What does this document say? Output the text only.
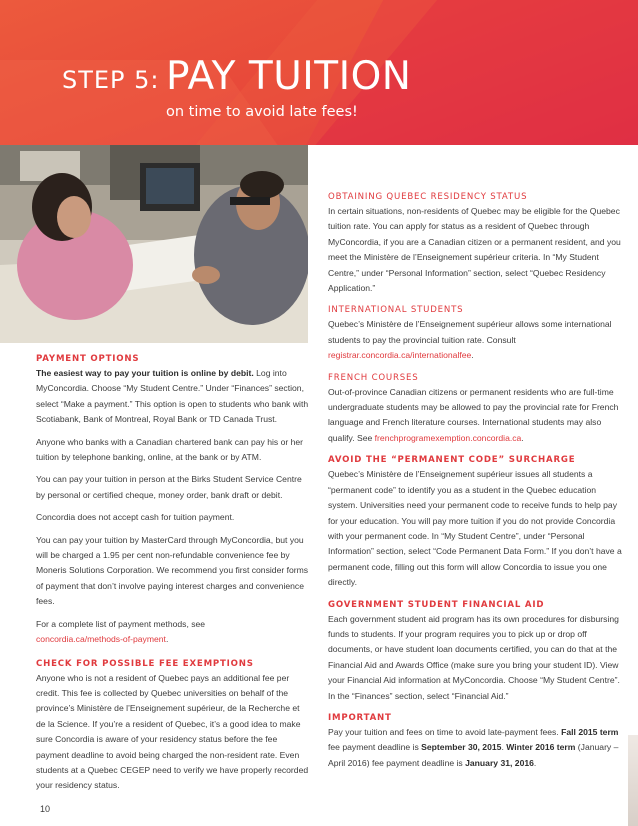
STEP 5: PAY TUITION
on time to avoid late fees!
PAYMENT OPTIONS

The easiest way to pay your tuition is online by debit. Log into MyConcordia. Choose “My Student Centre.” Under “Finances” section, select “Make a payment.” This option is open to students who bank with Scotiabank, Bank of Montreal, Royal Bank or TD Canada Trust.

Anyone who banks with a Canadian chartered bank can pay his or her tuition by telephone banking, online, at the bank or by ATM.

You can pay your tuition in person at the Birks Student Service Centre by personal or certified cheque, money order, bank draft or debit.

Concordia does not accept cash for tuition payment.

You can pay your tuition by MasterCard through MyConcordia, but you will be charged a 1.95 per cent non-refundable convenience fee by Moneris Solutions Corporation. We recommend you first consider forms of payment that don’t involve paying interest charges and convenience fees.

For a complete list of payment methods, see
concordia.ca/methods-of-payment.

CHECK FOR POSSIBLE FEE EXEMPTIONS

Anyone who is not a resident of Quebec pays an additional fee per credit. This fee is collected by Quebec universities on behalf of the province’s Ministère de l’Enseignement supérieur, de la Recherche et de la Science. If you’re a resident of Quebec, it’s a good idea to make sure Concordia is aware of your residency status before the fee payment deadline to avoid being charged the non-resident rate. Even students at a Quebec CEGEP need to verify we have properly recorded your residency status.

OBTAINING QUEBEC RESIDENCY STATUS

In certain situations, non-residents of Quebec may be eligible for the Quebec tuition rate. You can apply for status as a resident of Quebec through MyConcordia, if you are a Canadian citizen or a permanent resident, and you meet the Ministère de l’Enseignement supérieur criteria. In “My Student Centre,” under “Personal Information” section, select “Quebec Residency Application.”

INTERNATIONAL STUDENTS

Quebec’s Ministère de l’Enseignement supérieur allows some international students to pay the provincial tuition rate. Consult registrar.concordia.ca/internationalfee.

FRENCH COURSES

Out-of-province Canadian citizens or permanent residents who are full-time undergraduate students may be allowed to pay the provincial rate for French language and French literature courses. International students may also qualify. See frenchprogramexemption.concordia.ca.

AVOID THE “PERMANENT CODE” SURCHARGE

Quebec’s Ministère de l’Enseignement supérieur issues all students a “permanent code” to identify you as a student in the Quebec education system. Universities need your permanent code to receive funds to help pay for your education. You will pay more tuition if you do not provide Concordia with your permanent code. In “My Student Centre”, under “Personal Information” section, select “Code Permanent Data Form.” If you don’t have a permanent code, filling out this form will allow Concordia to issue you one directly.

GOVERNMENT STUDENT FINANCIAL AID

Each government student aid program has its own procedures for disbursing funds to students. If your program requires you to pick up or drop off documents, or have student loan documents certified, you can do that at the Financial Aid and Awards Office (make sure you bring your student ID). View your Financial Aid information at MyConcordia. Choose “My Student Centre”. In the “Finances” section, select “Financial Aid.”

IMPORTANT

Pay your tuition and fees on time to avoid late-payment fees. Fall 2015 term fee payment deadline is September 30, 2015. Winter 2016 term (January – April 2016) fee payment deadline is January 31, 2016.

10
